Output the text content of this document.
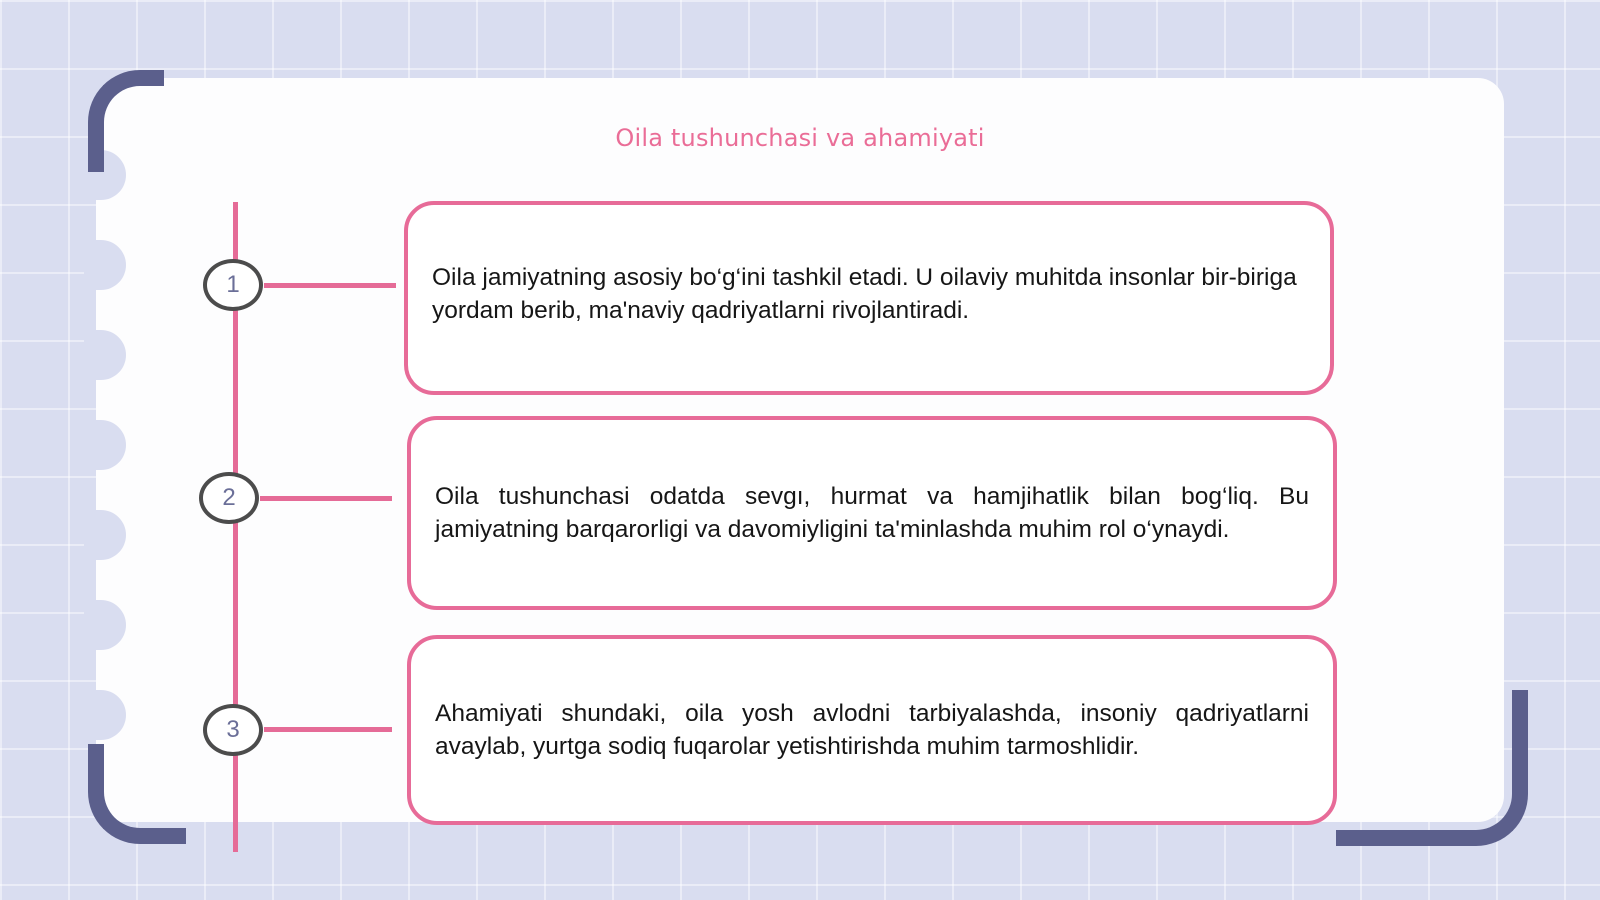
Oila tushunchasi va ahamiyati
1
2
3

Oila jamiyatning asosiy bo‘g‘ini tashkil etadi. U oilaviy muhitda insonlar bir-biriga yordam berib, ma'naviy qadriyatlarni rivojlantiradi.

Oila tushunchasi odatda sevgı, hurmat va hamjihatlik bilan bog‘liq. Bu jamiyatning barqarorligi va davomiyligini ta'minlashda muhim rol o‘ynaydi.

Ahamiyati shundaki, oila yosh avlodni tarbiyalashda, insoniy qadriyatlarni avaylab, yurtga sodiq fuqarolar yetishtirishda muhim tarmoshlidir.
